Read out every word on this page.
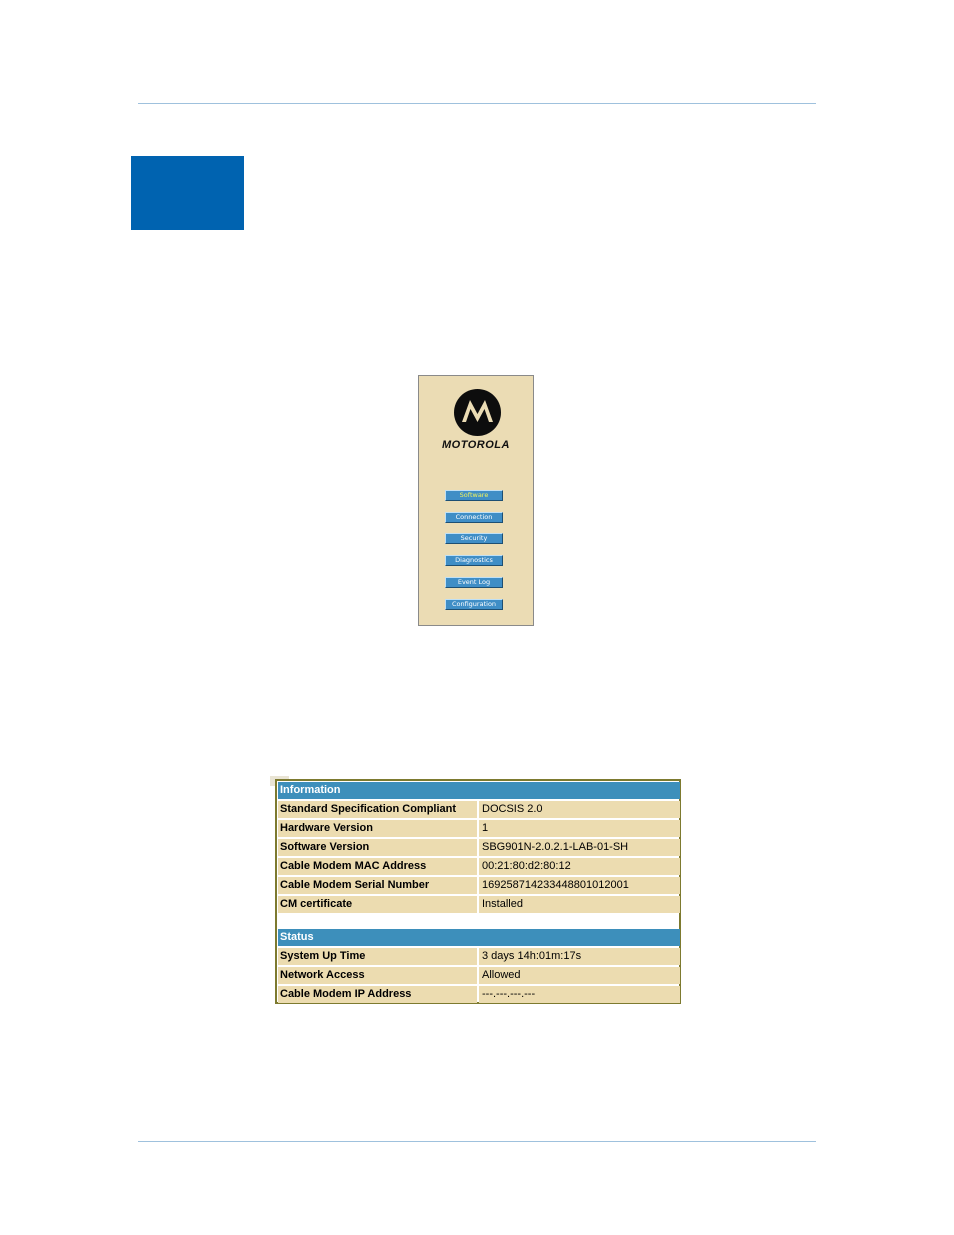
MOTOROLA
Software
Connection
Security
Diagnostics
Event Log
Configuration
Information
Standard Specification Compliant	DOCSIS 2.0
Hardware Version	1
Software Version	SBG901N-2.0.2.1-LAB-01-SH
Cable Modem MAC Address	00:21:80:d2:80:12
Cable Modem Serial Number	169258714233448801012001
CM certificate	Installed
Status
System Up Time	3 days 14h:01m:17s
Network Access	Allowed
Cable Modem IP Address	---.---.---.---
